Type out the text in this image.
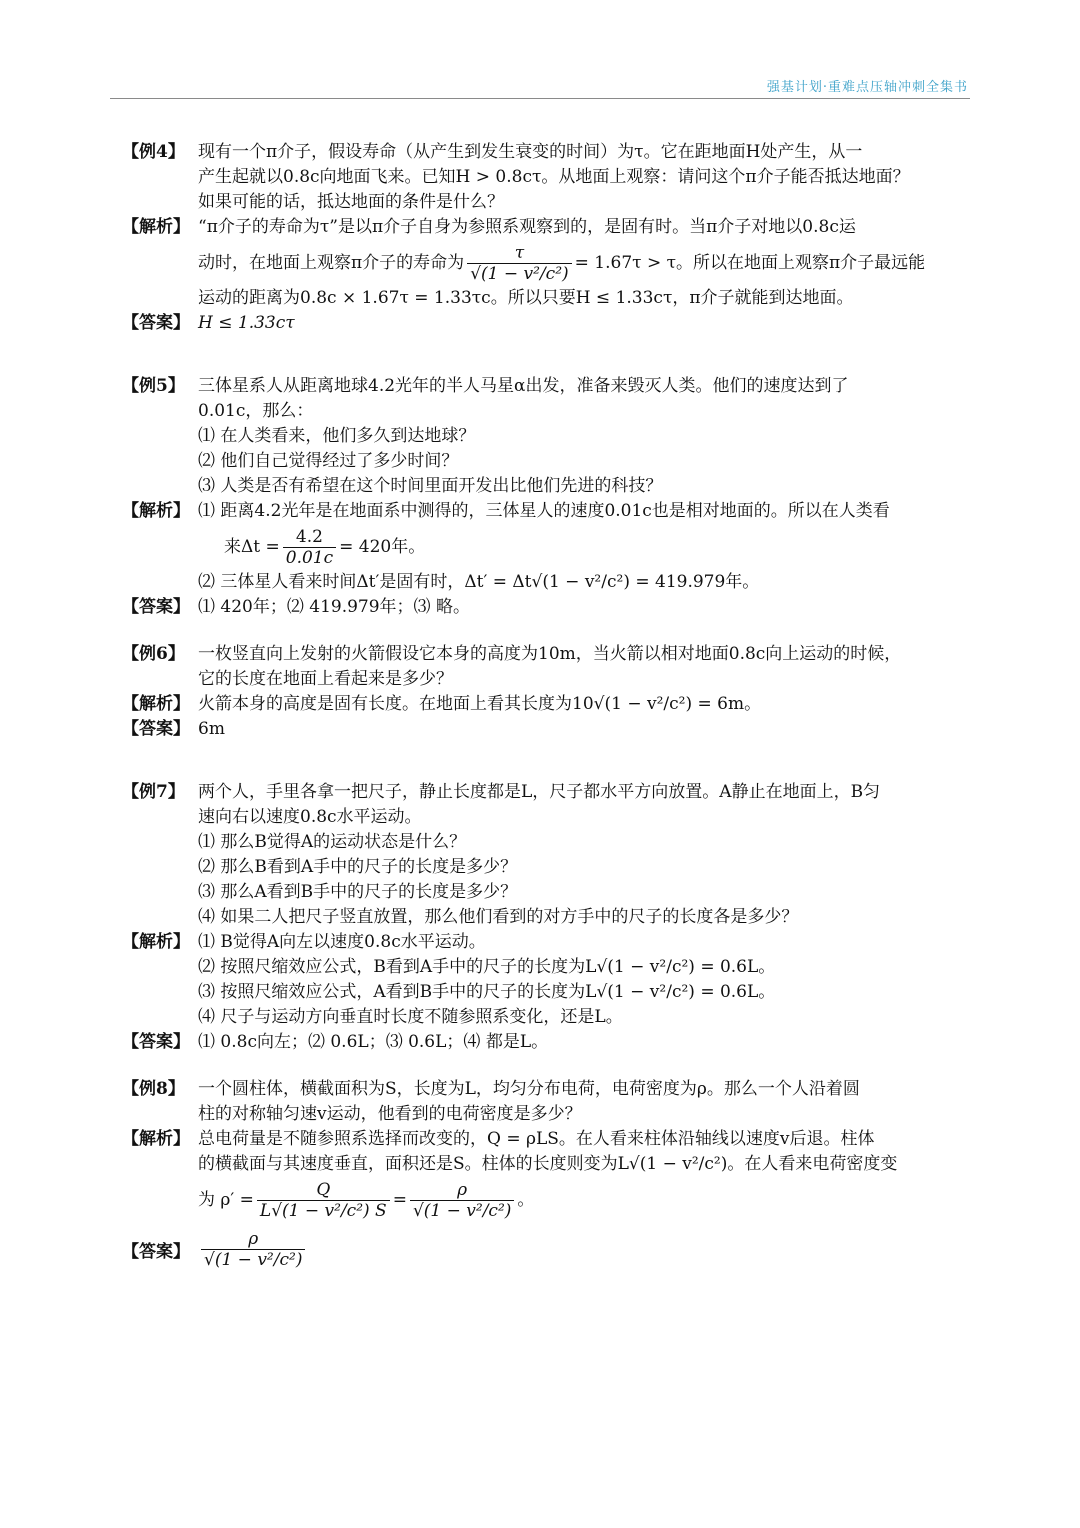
强基计划·重难点压轴冲刺全集书
【例4】 现有一个π介子，假设寿命（从产生到发生衰变的时间）为τ。它在距地面H处产生，从一
产生起就以0.8c向地面飞来。已知H > 0.8cτ。从地面上观察：请问这个π介子能否抵达地面？
如果可能的话，抵达地面的条件是什么？
【解析】 “π介子的寿命为τ”是以π介子自身为参照系观察到的，是固有时。当π介子对地以0.8c运
动时，在地面上观察π介子的寿命为 $\frac{\tau}{\text{√(1 − v²/c²)}} = 1.67\tau > \tau$。所以在地面上观察π介子最远能
运动的距离为0.8c × 1.67τ = 1.33τc。所以只要H ≤ 1.33cτ，π介子就能到达地面。
【答案】 H ≤ 1.33cτ
【例5】 三体星系人从距离地球4.2光年的半人马星α出发，准备来毁灭人类。他们的速度达到了
0.01c，那么：
⑴ 在人类看来，他们多久到达地球？
⑵ 他们自己觉得经过了多少时间？
⑶ 人类是否有希望在这个时间里面开发出比他们先进的科技？
【解析】 ⑴ 距离4.2光年是在地面系中测得的，三体星人的速度0.01c也是相对地面的。所以在人类看
来$\Delta t = \frac{4.2}{0.01c} = 420$年。
⑵ 三体星人看来时间Δt′是固有时，Δt′ = Δt√(1 − v²/c²) = 419.979年。
【答案】 ⑴ 420年；⑵ 419.979年；⑶ 略。
【例6】 一枚竖直向上发射的火箭假设它本身的高度为10m，当火箭以相对地面0.8c向上运动的时候，
它的长度在地面上看起来是多少？
【解析】 火箭本身的高度是固有长度。在地面上看其长度为10√(1 − v²/c²) = 6m。
【答案】 6m
【例7】 两个人，手里各拿一把尺子，静止长度都是L，尺子都水平方向放置。A静止在地面上，B匀
速向右以速度0.8c水平运动。
⑴ 那么B觉得A的运动状态是什么？
⑵ 那么B看到A手中的尺子的长度是多少？
⑶ 那么A看到B手中的尺子的长度是多少？
⑷ 如果二人把尺子竖直放置，那么他们看到的对方手中的尺子的长度各是多少？
【解析】 ⑴ B觉得A向左以速度0.8c水平运动。
⑵ 按照尺缩效应公式，B看到A手中的尺子的长度为L√(1 − v²/c²) = 0.6L。
⑶ 按照尺缩效应公式，A看到B手中的尺子的长度为L√(1 − v²/c²) = 0.6L。
⑷ 尺子与运动方向垂直时长度不随参照系变化，还是L。
【答案】 ⑴ 0.8c向左；⑵ 0.6L；⑶ 0.6L；⑷ 都是L。
【例8】 一个圆柱体，横截面积为S，长度为L，均匀分布电荷，电荷密度为ρ。那么一个人沿着圆
柱的对称轴匀速v运动，他看到的电荷密度是多少？
【解析】 总电荷量是不随参照系选择而改变的，Q = ρLS。在人看来柱体沿轴线以速度v后退。柱体
的横截面与其速度垂直，面积还是S。柱体的长度则变为L√(1 − v²/c²)。在人看来电荷密度变
为 $\rho' = \frac{Q}{\text{L√(1 − v²/c²) S}} = \frac{\rho}{\text{√(1 − v²/c²)}}$ 。
【答案】 $\frac{\rho}{\text{√(1 − v²/c²)}}$
